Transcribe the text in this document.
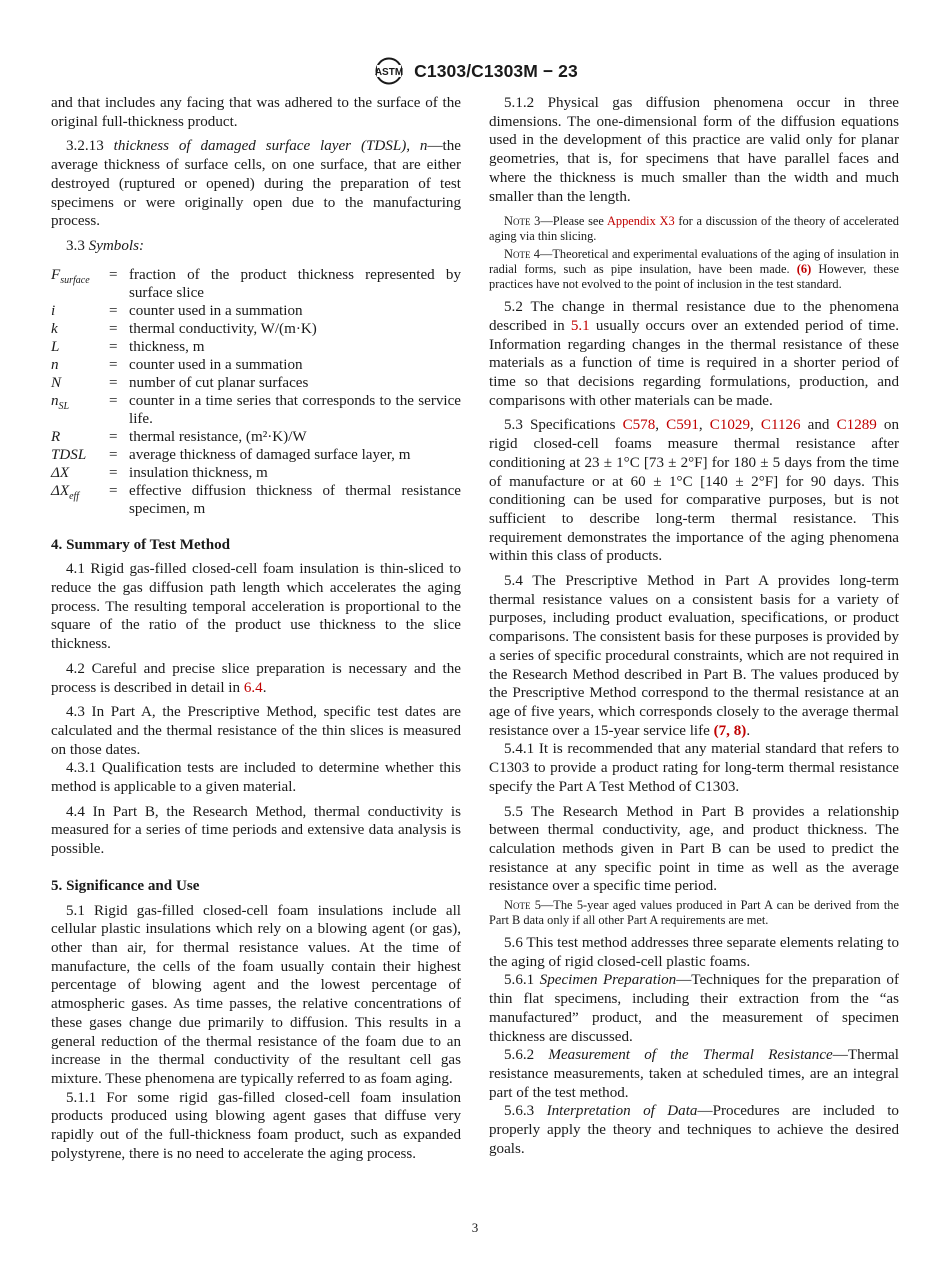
ASTM C1303/C1303M − 23

and that includes any facing that was adhered to the surface of the original full-thickness product.

3.2.13 thickness of damaged surface layer (TDSL), n—the average thickness of surface cells, on one surface, that are either destroyed (ruptured or opened) during the preparation of test specimens or were originally open due to the manufacturing process.

3.3 Symbols:

$F_{surface}$	=	fraction of the product thickness represented by surface slice
i	=	counter used in a summation
k	=	thermal conductivity, W/(m·K)
L	=	thickness, m
n	=	counter used in a summation
N	=	number of cut planar surfaces
$n_{SL}$	=	counter in a time series that corresponds to the service life.
R	=	thermal resistance, (m²·K)/W
TDSL	=	average thickness of damaged surface layer, m
ΔX	=	insulation thickness, m
$\Delta X_{eff}$	=	effective diffusion thickness of thermal resistance specimen, m
4. Summary of Test Method

4.1 Rigid gas-filled closed-cell foam insulation is thin-sliced to reduce the gas diffusion path length which accelerates the aging process. The resulting temporal acceleration is proportional to the square of the ratio of the product use thickness to the slice thickness.

4.2 Careful and precise slice preparation is necessary and the process is described in detail in 6.4.

4.3 In Part A, the Prescriptive Method, specific test dates are calculated and the thermal resistance of the thin slices is measured on those dates.

4.3.1 Qualification tests are included to determine whether this method is applicable to a given material.

4.4 In Part B, the Research Method, thermal conductivity is measured for a series of time periods and extensive data analysis is possible.

5. Significance and Use

5.1 Rigid gas-filled closed-cell foam insulations include all cellular plastic insulations which rely on a blowing agent (or gas), other than air, for thermal resistance values. At the time of manufacture, the cells of the foam usually contain their highest percentage of blowing agent and the lowest percentage of atmospheric gases. As time passes, the relative concentrations of these gases change due primarily to diffusion. This results in a general reduction of the thermal resistance of the foam due to an increase in the thermal conductivity of the resultant cell gas mixture. These phenomena are typically referred to as foam aging.

5.1.1 For some rigid gas-filled closed-cell foam insulation products produced using blowing agent gases that diffuse very rapidly out of the full-thickness foam product, such as expanded polystyrene, there is no need to accelerate the aging process.

5.1.2 Physical gas diffusion phenomena occur in three dimensions. The one-dimensional form of the diffusion equations used in the development of this practice are valid only for planar geometries, that is, for specimens that have parallel faces and where the thickness is much smaller than the width and much smaller than the length.

Note 3—Please see Appendix X3 for a discussion of the theory of accelerated aging via thin slicing.

Note 4—Theoretical and experimental evaluations of the aging of insulation in radial forms, such as pipe insulation, have been made. (6) However, these practices have not evolved to the point of inclusion in the test standard.

5.2 The change in thermal resistance due to the phenomena described in 5.1 usually occurs over an extended period of time. Information regarding changes in the thermal resistance of these materials as a function of time is required in a shorter period of time so that decisions regarding formulations, production, and comparisons with other materials can be made.

5.3 Specifications C578, C591, C1029, C1126 and C1289 on rigid closed-cell foams measure thermal resistance after conditioning at 23 ± 1°C [73 ± 2°F] for 180 ± 5 days from the time of manufacture or at 60 ± 1°C [140 ± 2°F] for 90 days. This conditioning can be used for comparative purposes, but is not sufficient to describe long-term thermal resistance. This requirement demonstrates the importance of the aging phenomena within this class of products.

5.4 The Prescriptive Method in Part A provides long-term thermal resistance values on a consistent basis for a variety of purposes, including product evaluation, specifications, or product comparisons. The consistent basis for these purposes is provided by a series of specific procedural constraints, which are not required in the Research Method described in Part B. The values produced by the Prescriptive Method correspond to the thermal resistance at an age of five years, which corresponds closely to the average thermal resistance over a 15-year service life (7, 8).

5.4.1 It is recommended that any material standard that refers to C1303 to provide a product rating for long-term thermal resistance specify the Part A Test Method of C1303.

5.5 The Research Method in Part B provides a relationship between thermal conductivity, age, and product thickness. The calculation methods given in Part B can be used to predict the resistance at any specific point in time as well as the average resistance over a specific time period.

Note 5—The 5-year aged values produced in Part A can be derived from the Part B data only if all other Part A requirements are met.

5.6 This test method addresses three separate elements relating to the aging of rigid closed-cell plastic foams.

5.6.1 Specimen Preparation—Techniques for the preparation of thin flat specimens, including their extraction from the “as manufactured” product, and the measurement of specimen thickness are discussed.

5.6.2 Measurement of the Thermal Resistance—Thermal resistance measurements, taken at scheduled times, are an integral part of the test method.

5.6.3 Interpretation of Data—Procedures are included to properly apply the theory and techniques to achieve the desired goals.

3
